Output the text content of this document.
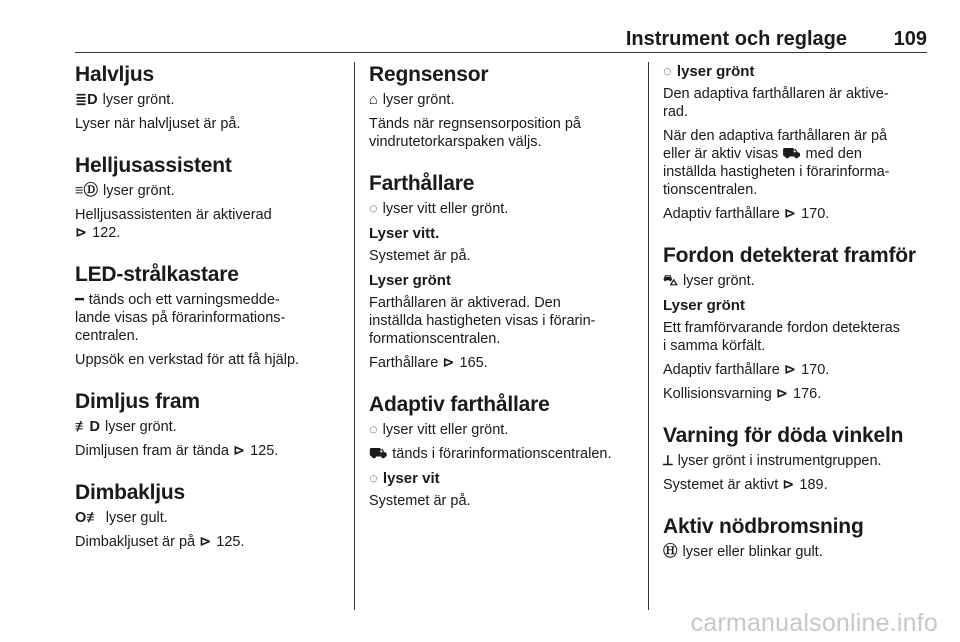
Instrument och reglage 109
Halvljus

≣D lyser grönt.

Lyser när halvljuset är på.

Helljusassistent

≡Ⓓ lyser grönt.

Helljusassistenten är aktiverad
⊳ 122.

LED-strålkastare

━ tänds och ett varningsmedde-
lande visas på förarinformations-
centralen.

Uppsök en verkstad för att få hjälp.

Dimljus fram

≢D lyser grönt.

Dimljusen fram är tända ⊳ 125.

Dimbakljus

O≢ lyser gult.

Dimbakljuset är på ⊳ 125.

Regnsensor

⌂ lyser grönt.

Tänds när regnsensorposition på
vindrutetorkarspaken väljs.

Farthållare

◌ lyser vitt eller grönt.

Lyser vitt.

Systemet är på.

Lyser grönt

Farthållaren är aktiverad. Den
inställda hastigheten visas i förarin-
formationscentralen.

Farthållare ⊳ 165.

Adaptiv farthållare

◌ lyser vitt eller grönt.

⛟ tänds i förarinformationscentralen.

◌ lyser vit

Systemet är på.

◌ lyser grönt

Den adaptiva farthållaren är aktive-
rad.

När den adaptiva farthållaren är på
eller är aktiv visas ⛟ med den
inställda hastigheten i förarinforma-
tionscentralen.

Adaptiv farthållare ⊳ 170.

Fordon detekterat framför

⛍ lyser grönt.

Lyser grönt

Ett framförvarande fordon detekteras
i samma körfält.

Adaptiv farthållare ⊳ 170.

Kollisionsvarning ⊳ 176.

Varning för döda vinkeln

⟂ lyser grönt i instrumentgruppen.

Systemet är aktivt ⊳ 189.

Aktiv nödbromsning

Ⓗ lyser eller blinkar gult.

carmanualsonline.info
